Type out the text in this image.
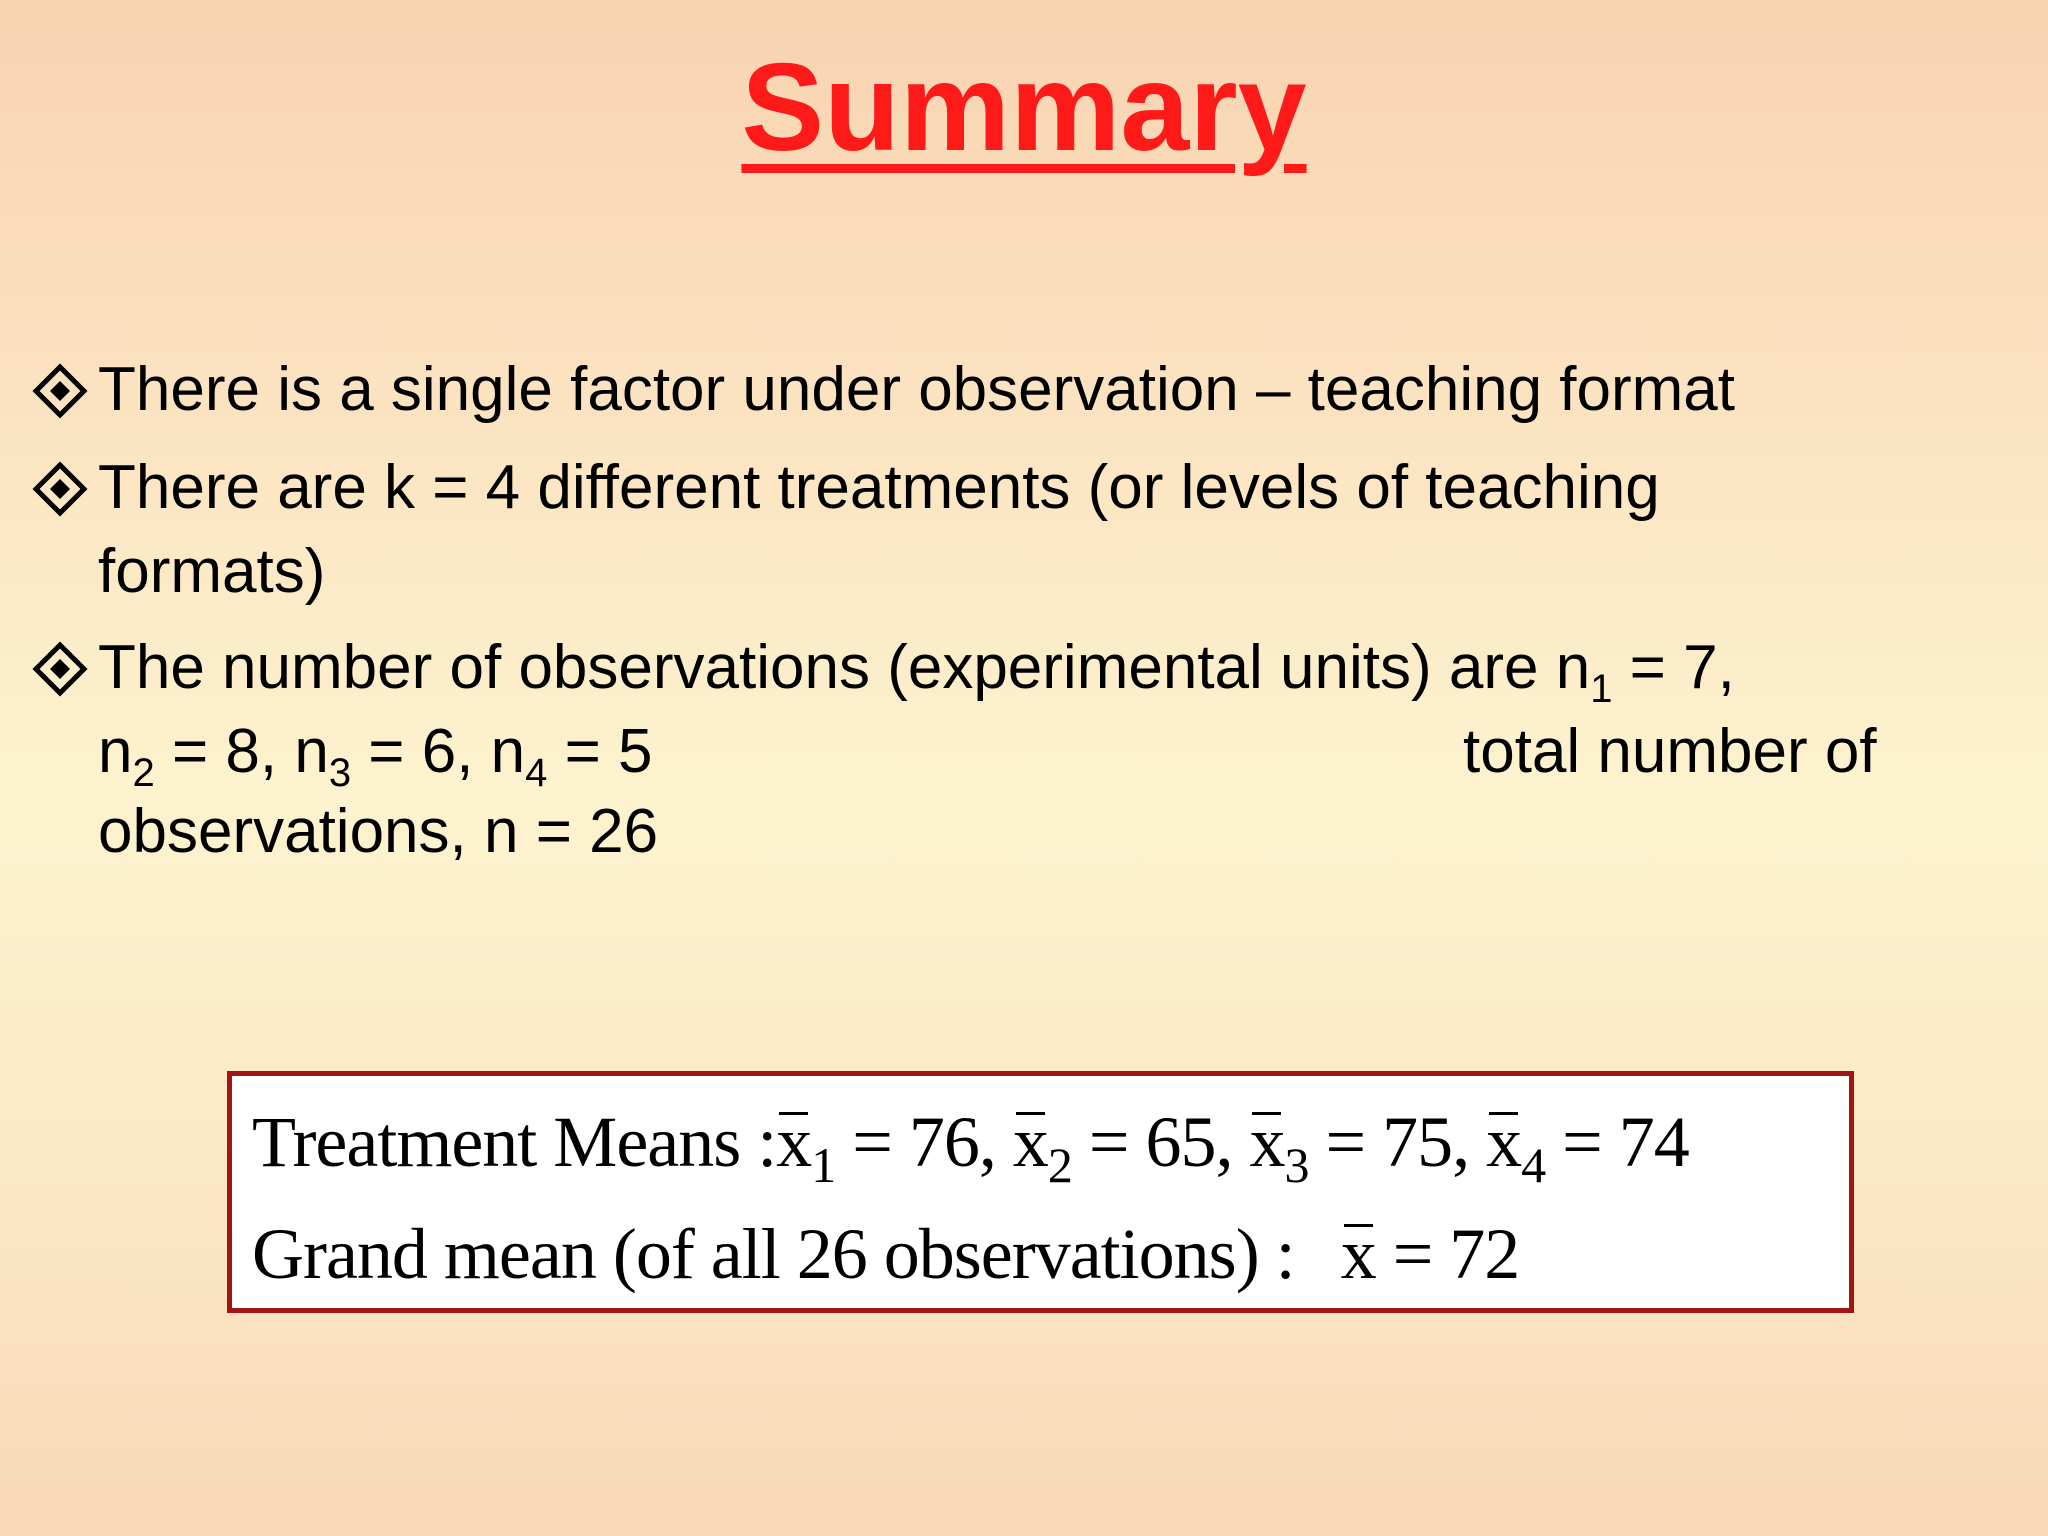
Summary
There is a single factor under observation – teaching format
There are k = 4 different treatments (or levels of teaching
formats)
The number of observations (experimental units) are $n_1 = 7$,
$n_2 = 8$, $n_3 = 6$, $n_4 = 5$	total number of
observations, n = 26
Treatment Means $:x_1 = 76$, $x_2 = 65$, $x_3 = 75$, $x_4 = 74$
Grand mean (of all 26 observations) : x = 72
